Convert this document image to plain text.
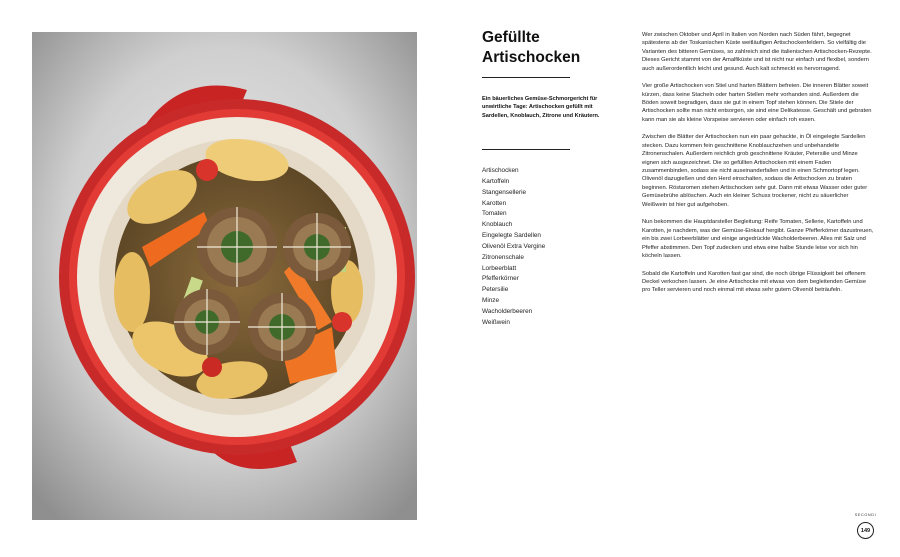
Gefüllte
Artischocken
Ein bäuerliches Gemüse-Schmorgericht für unwirtliche Tage: Artischocken gefüllt mit Sardellen, Knoblauch, Zitrone und Kräutern.
Artischocken
Kartoffeln
Stangensellerie
Karotten
Tomaten
Knoblauch
Eingelegte Sardellen
Olivenöl Extra Vergine
Zitronenschale
Lorbeerblatt
Pfefferkörner
Petersilie
Minze
Wacholderbeeren
Weißwein

Wer zwischen Oktober und April in Italien von Norden nach Süden fährt, begegnet spätestens ab der Toskanischen Küste weitläufigen Artischockenfeldern. So vielfältig die Varianten des bitteren Gemüses, so zahlreich sind die italienischen Artischocken-Rezepte. Dieses Gericht stammt von der Amalfiküste und ist nicht nur einfach und flexibel, sondern auch außerordentlich leicht und gesund. Auch kalt schmeckt es hervorragend.

Vier große Artischocken von Stiel und harten Blättern befreien. Die inneren Blätter soweit kürzen, dass keine Stacheln oder harten Stellen mehr vorhanden sind. Außerdem die Böden soweit begradigen, dass sie gut in einem Topf stehen können. Die Stiele der Artischocken sollte man nicht entsorgen, sie sind eine Delikatesse. Geschält und gebraten kann man sie als kleine Vorspeise servieren oder einfach roh essen.

Zwischen die Blätter der Artischocken nun ein paar gehackte, in Öl eingelegte Sardellen stecken. Dazu kommen fein geschnittene Knoblauchzehen und unbehandelte Zitronenschalen. Außerdem reichlich grob geschnittene Kräuter, Petersilie und Minze eignen sich ausgezeichnet. Die so gefüllten Artischocken mit einem Faden zusammenbinden, sodass sie nicht auseinanderfallen und in einen Schmortopf legen. Olivenöl dazugießen und den Herd einschalten, sodass die Artischocken zu braten beginnen. Röstaromen stehen Artischocken sehr gut. Dann mit etwas Wasser oder guter Gemüsebrühe ablöschen. Auch ein kleiner Schuss trockener, nicht zu säuerlicher Weißwein ist hier gut aufgehoben.

Nun bekommen die Hauptdarsteller Begleitung: Reife Tomaten, Sellerie, Kartoffeln und Karotten, je nachdem, was der Gemüse-Einkauf hergibt. Ganze Pfefferkörner dazustreuen, ein bis zwei Lorbeerblätter und einige angedrückte Wacholderbeeren. Alles mit Salz und Pfeffer abstimmen. Den Topf zudecken und etwa eine halbe Stunde leise vor sich hin köcheln lassen.

Sobald die Kartoffeln und Karotten fast gar sind, die noch übrige Flüssigkeit bei offenem Deckel verkochen lassen. Je eine Artischocke mit etwas von dem begleitenden Gemüse pro Teller servieren und noch einmal mit etwas sehr gutem Olivenöl beträufeln.

SECONDI
149
